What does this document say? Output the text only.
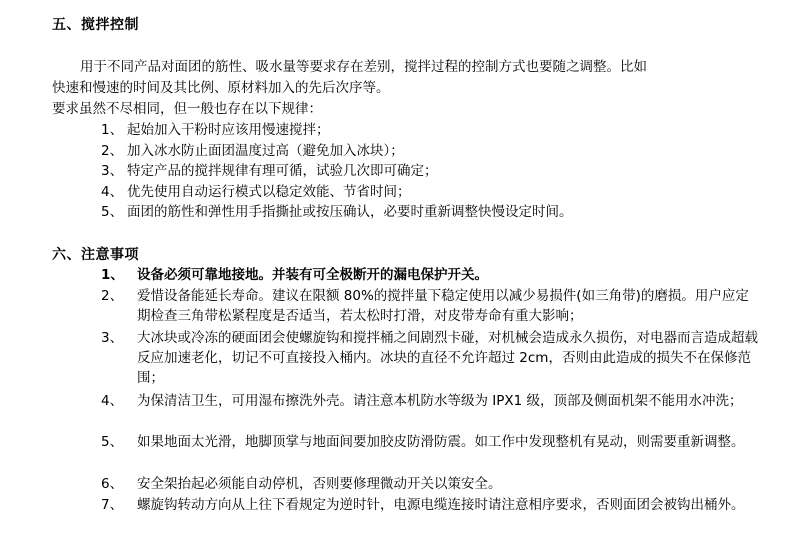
五、搅拌控制
用于不同产品对面团的筋性、吸水量等要求存在差别，搅拌过程的控制方式也要随之调整。比如
快速和慢速的时间及其比例、原材料加入的先后次序等。
要求虽然不尽相同，但一般也存在以下规律：
1、 起始加入干粉时应该用慢速搅拌；
2、 加入冰水防止面团温度过高（避免加入冰块）；
3、 特定产品的搅拌规律有理可循，试验几次即可确定；
4、 优先使用自动运行模式以稳定效能、节省时间；
5、 面团的筋性和弹性用手指撕扯或按压确认，必要时重新调整快慢设定时间。
六、注意事项
1、 设备必须可靠地接地。并装有可全极断开的漏电保护开关。
2、 爱惜设备能延长寿命。建议在限额 80%的搅拌量下稳定使用以减少易损件(如三角带)的磨损。用户应定期检查三角带松紧程度是否适当，若太松时打滑，对皮带寿命有重大影响；
3、 大冰块或冷冻的硬面团会使螺旋钩和搅拌桶之间剧烈卡碰，对机械会造成永久损伤，对电器而言造成超载反应加速老化，切记不可直接投入桶内。冰块的直径不允许超过 2cm，否则由此造成的损失不在保修范围；
4、 为保清洁卫生，可用湿布擦洗外壳。请注意本机防水等级为 IPX1 级，顶部及侧面机架不能用水冲洗；
5、 如果地面太光滑，地脚顶掌与地面间要加胶皮防滑防震。如工作中发现整机有晃动，则需要重新调整。
6、 安全架抬起必须能自动停机，否则要修理微动开关以策安全。
7、 螺旋钩转动方向从上往下看规定为逆时针，电源电缆连接时请注意相序要求，否则面团会被钩出桶外。
